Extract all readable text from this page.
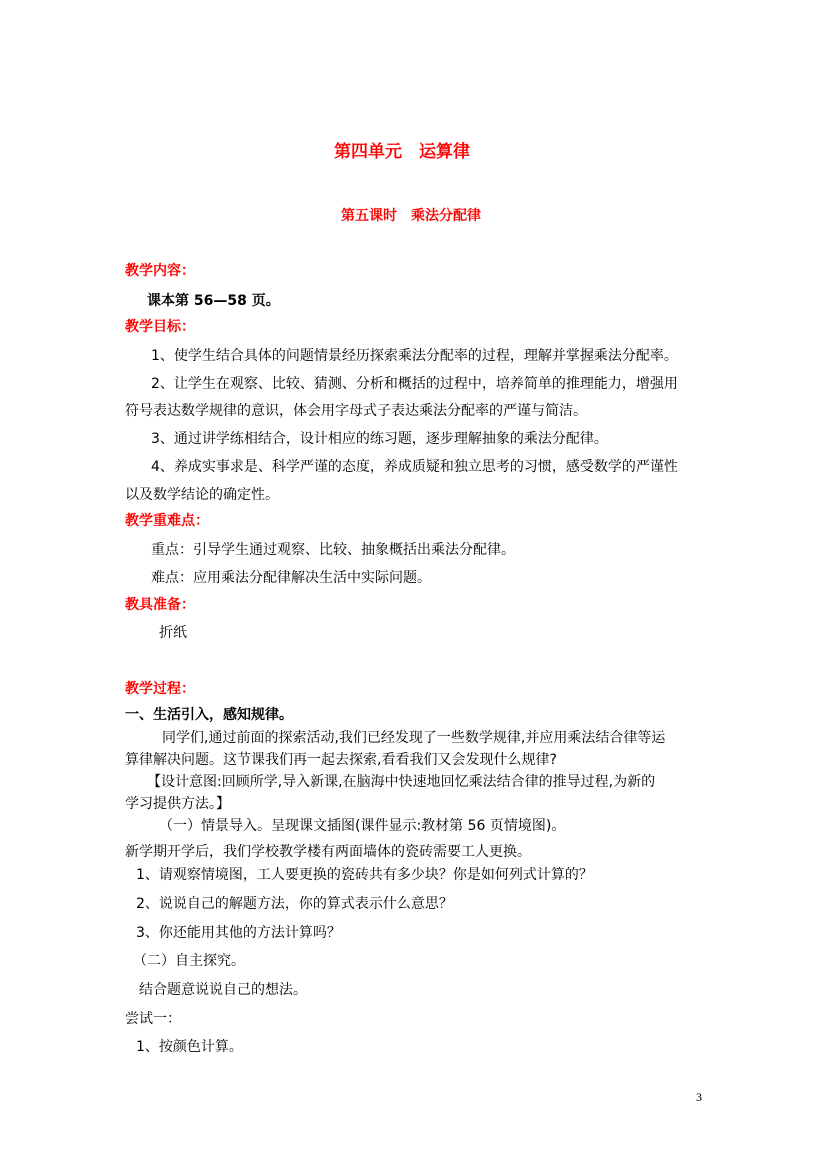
第四单元　运算律
第五课时　乘法分配律
教学内容：
课本第 56—58 页。
教学目标：
1、使学生结合具体的问题情景经历探索乘法分配率的过程，理解并掌握乘法分配率。
2、让学生在观察、比较、猜测、分析和概括的过程中，培养简单的推理能力，增强用
符号表达数学规律的意识，体会用字母式子表达乘法分配率的严谨与简洁。
3、通过讲学练相结合，设计相应的练习题，逐步理解抽象的乘法分配律。
4、养成实事求是、科学严谨的态度，养成质疑和独立思考的习惯，感受数学的严谨性
以及数学结论的确定性。
教学重难点：
重点：引导学生通过观察、比较、抽象概括出乘法分配律。
难点：应用乘法分配律解决生活中实际问题。
教具准备：
折纸
教学过程：
一、生活引入，感知规律。
同学们,通过前面的探索活动,我们已经发现了一些数学规律,并应用乘法结合律等运
算律解决问题。这节课我们再一起去探索,看看我们又会发现什么规律?
【设计意图:回顾所学,导入新课,在脑海中快速地回忆乘法结合律的推导过程,为新的
学习提供方法。】
（一）情景导入。呈现课文插图(课件显示:教材第 56 页情境图)。
新学期开学后，我们学校教学楼有两面墙体的瓷砖需要工人更换。
1、请观察情境图，工人要更换的瓷砖共有多少块？你是如何列式计算的？
2、说说自己的解题方法，你的算式表示什么意思？
3、你还能用其他的方法计算吗？
（二）自主探究。
结合题意说说自己的想法。
尝试一：
1、按颜色计算。
3
